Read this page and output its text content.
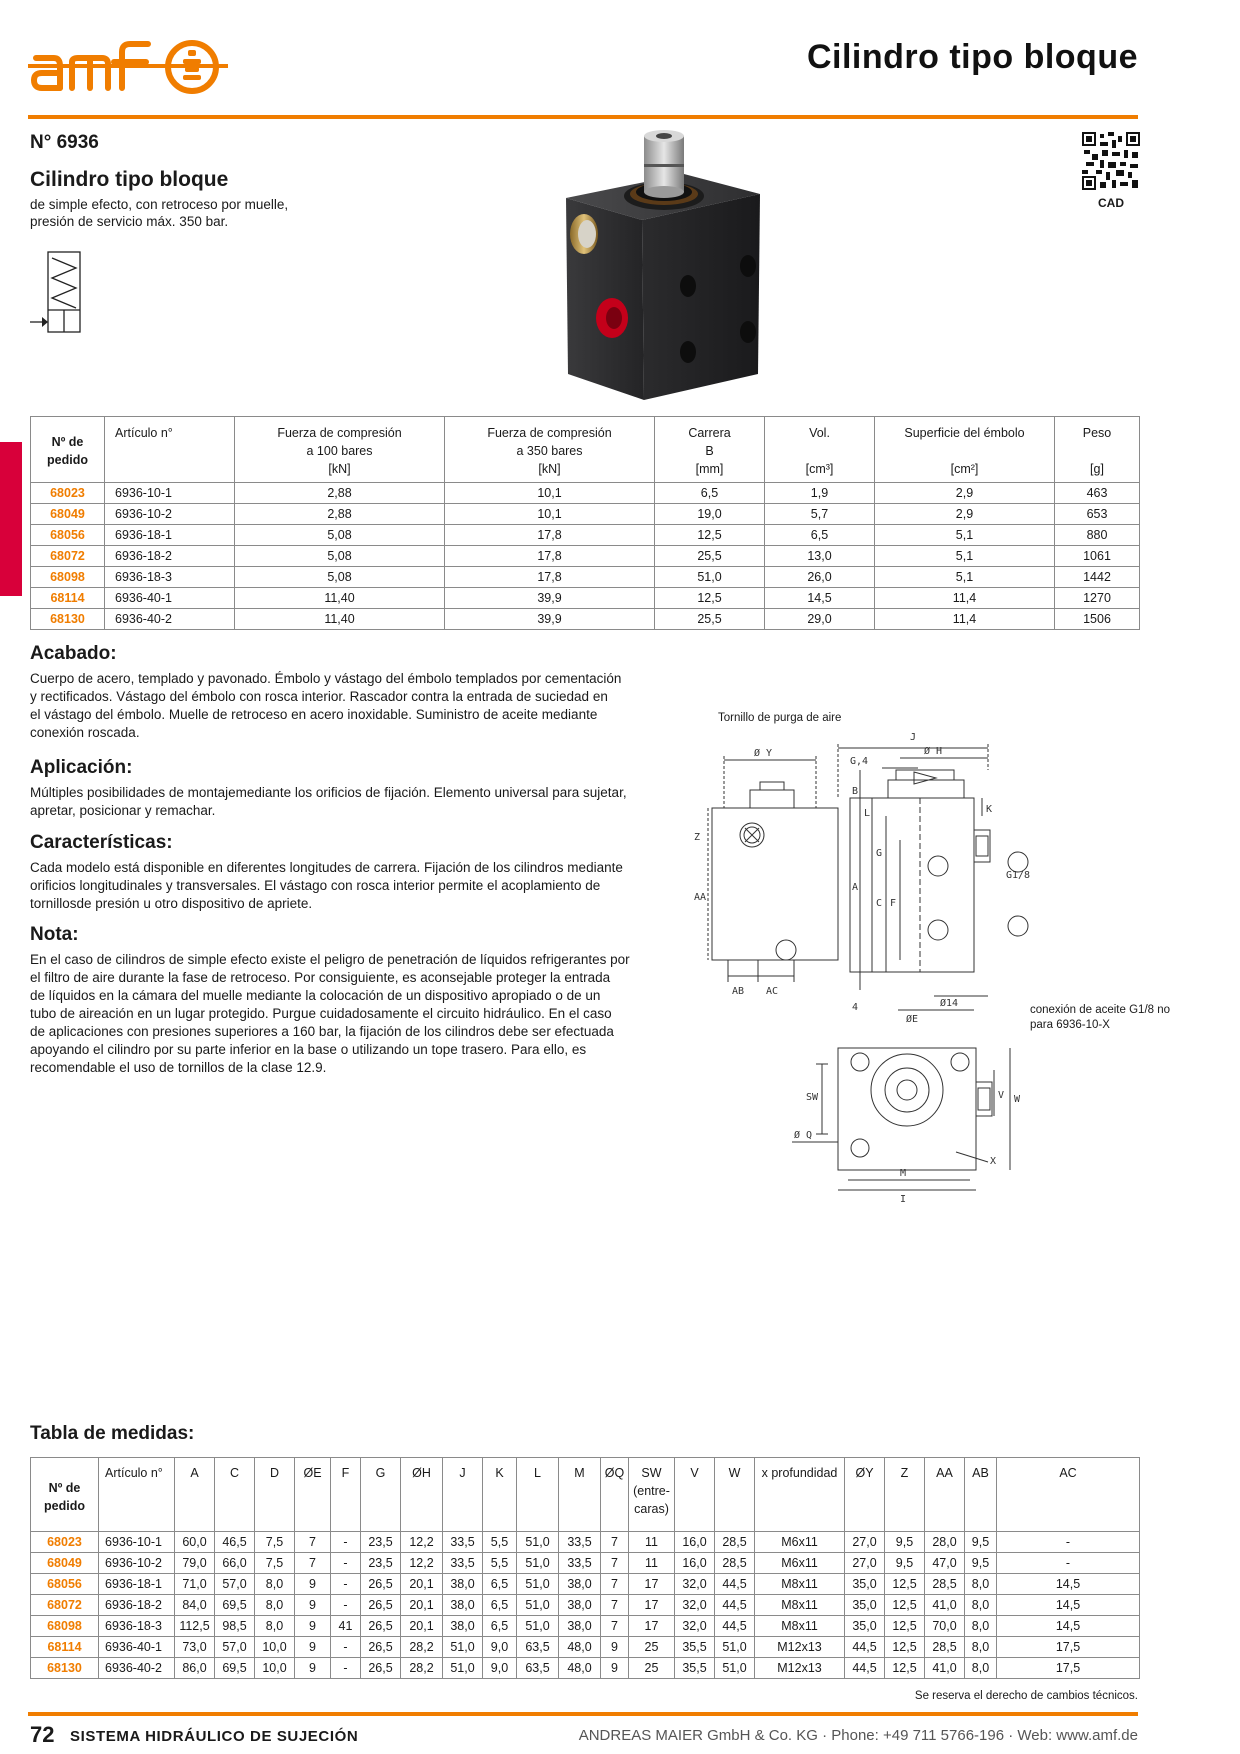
amf	Cilindro tipo bloque
N° 6936
Cilindro tipo bloque
de simple efecto, con retroceso por muelle,
presión de servicio máx. 350 bar.
CAD
Nº de
pedido	Artículo n°	Fuerza de compresión
a 100 bares
[kN]	Fuerza de compresión
a 350 bares
[kN]	Carrera
B
[mm]	Vol.

[cm³]	Superficie del émbolo

[cm²]	Peso

[g]
68023	6936-10-1	2,88	10,1	6,5	1,9	2,9	463
68049	6936-10-2	2,88	10,1	19,0	5,7	2,9	653
68056	6936-18-1	5,08	17,8	12,5	6,5	5,1	880
68072	6936-18-2	5,08	17,8	25,5	13,0	5,1	1061
68098	6936-18-3	5,08	17,8	51,0	26,0	5,1	1442
68114	6936-40-1	11,40	39,9	12,5	14,5	11,4	1270
68130	6936-40-2	11,40	39,9	25,5	29,0	11,4	1506
Acabado:
Cuerpo de acero, templado y pavonado. Émbolo y vástago del émbolo templados por cementación
y rectificados. Vástago del émbolo con rosca interior. Rascador contra la entrada de suciedad en
el vástago del émbolo. Muelle de retroceso en acero inoxidable. Suministro de aceite mediante
conexión roscada.
Aplicación:
Múltiples posibilidades de montajemediante los orificios de fijación. Elemento universal para sujetar,
apretar, posicionar y remachar.
Características:
Cada modelo está disponible en diferentes longitudes de carrera. Fijación de los cilindros mediante
orificios longitudinales y transversales. El vástago con rosca interior permite el acoplamiento de
tornillosde presión u otro dispositivo de apriete.
Nota:
En el caso de cilindros de simple efecto existe el peligro de penetración de líquidos refrigerantes por
el filtro de aire durante la fase de retroceso. Por consiguiente, es aconsejable proteger la entrada
de líquidos en la cámara del muelle mediante la colocación de un dispositivo apropiado o de un
tubo de aireación en un lugar protegido. Purgue cuidadosamente el circuito hidráulico. En el caso
de aplicaciones con presiones superiores a 160 bar, la fijación de los cilindros debe ser efectuada
apoyando el cilindro por su parte inferior en la base o utilizando un tope trasero. Para ello, es
recomendable el uso de tornillos de la clase 12.9.
Ø Y
Z
AA
AB AC
J
G,4
Ø H
B
K
L
G
A
C F
G1/8
Ø14
ØE
4
SW	V W
Ø Q
M
X
I
Tornillo de purga de aire
conexión de aceite G1/8 no
para 6936-10-X
Tabla de medidas:
Nº de
pedido	Artículo n°	A	C	D	ØE	F	G	ØH	J	K	L	M	ØQ	SW
(entre-
caras)	V	W	x profundidad	ØY	Z	AA	AB	AC
68023	6936-10-1	60,0	46,5	7,5	7	-	23,5	12,2	33,5	5,5	51,0	33,5	7	11	16,0	28,5	M6x11	27,0	9,5	28,0	9,5	-
68049	6936-10-2	79,0	66,0	7,5	7	-	23,5	12,2	33,5	5,5	51,0	33,5	7	11	16,0	28,5	M6x11	27,0	9,5	47,0	9,5	-
68056	6936-18-1	71,0	57,0	8,0	9	-	26,5	20,1	38,0	6,5	51,0	38,0	7	17	32,0	44,5	M8x11	35,0	12,5	28,5	8,0	14,5
68072	6936-18-2	84,0	69,5	8,0	9	-	26,5	20,1	38,0	6,5	51,0	38,0	7	17	32,0	44,5	M8x11	35,0	12,5	41,0	8,0	14,5
68098	6936-18-3	112,5	98,5	8,0	9	41	26,5	20,1	38,0	6,5	51,0	38,0	7	17	32,0	44,5	M8x11	35,0	12,5	70,0	8,0	14,5
68114	6936-40-1	73,0	57,0	10,0	9	-	26,5	28,2	51,0	9,0	63,5	48,0	9	25	35,5	51,0	M12x13	44,5	12,5	28,5	8,0	17,5
68130	6936-40-2	86,0	69,5	10,0	9	-	26,5	28,2	51,0	9,0	63,5	48,0	9	25	35,5	51,0	M12x13	44,5	12,5	41,0	8,0	17,5
Se reserva el derecho de cambios técnicos.
72 SISTEMA HIDRÁULICO DE SUJECIÓN	ANDREAS MAIER GmbH & Co. KG · Phone: +49 711 5766-196 · Web: www.amf.de
